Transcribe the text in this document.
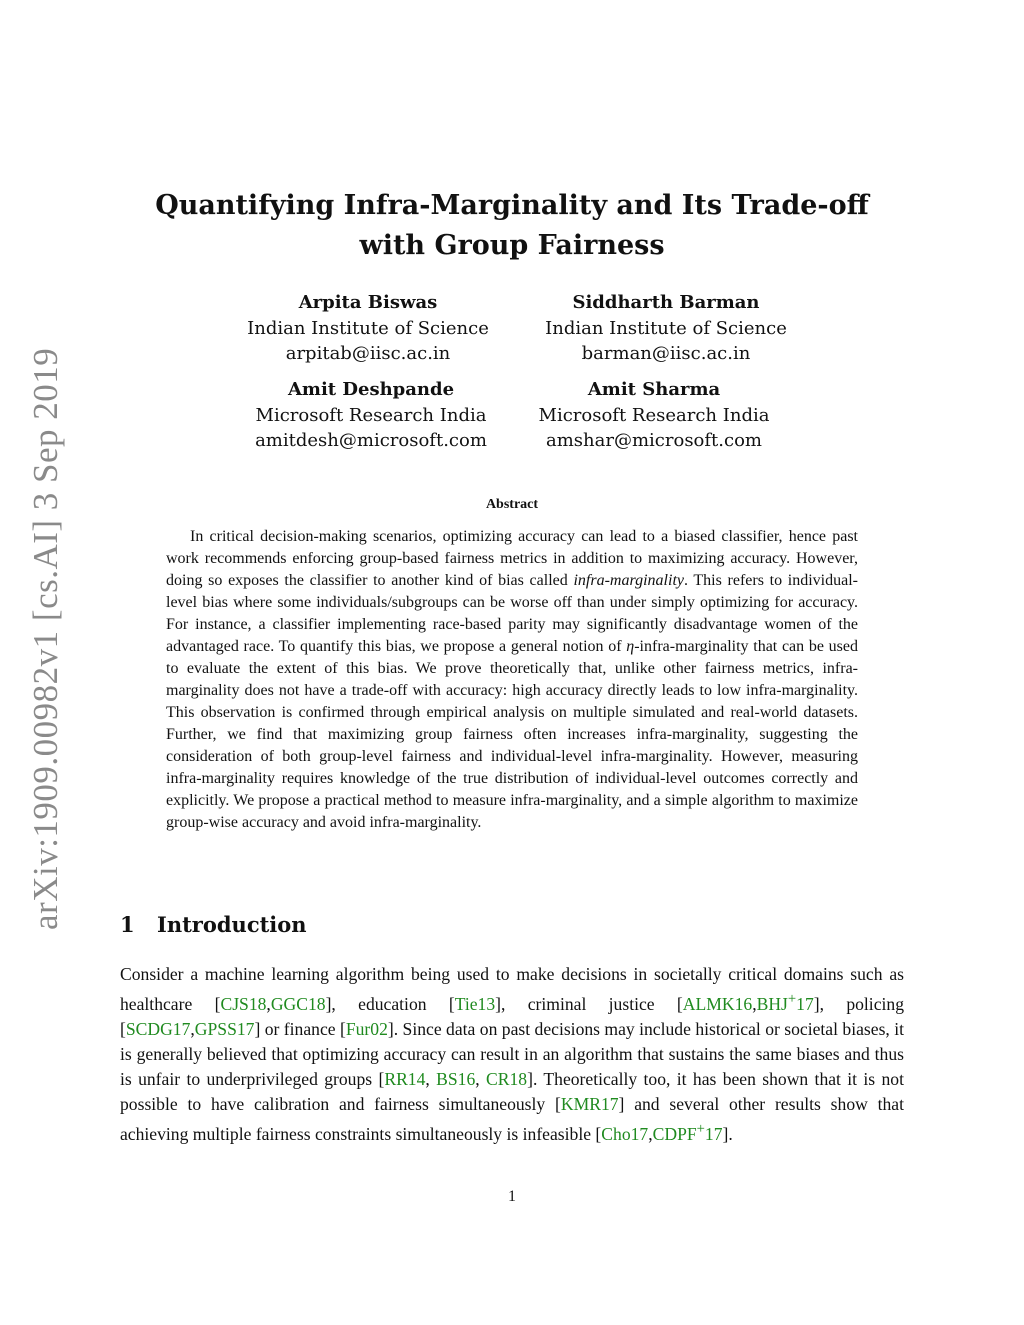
arXiv:1909.00982v1 [cs.AI] 3 Sep 2019
Quantifying Infra-Marginality and Its Trade-off with Group Fairness
Arpita Biswas
Indian Institute of Science
arpitab@iisc.ac.in
Siddharth Barman
Indian Institute of Science
barman@iisc.ac.in
Amit Deshpande
Microsoft Research India
amitdesh@microsoft.com
Amit Sharma
Microsoft Research India
amshar@microsoft.com
Abstract

In critical decision-making scenarios, optimizing accuracy can lead to a biased classifier, hence past work recommends enforcing group-based fairness metrics in addition to maximizing accuracy. However, doing so exposes the classifier to another kind of bias called infra-marginality. This refers to individual-level bias where some individuals/subgroups can be worse off than under simply optimizing for accuracy. For instance, a classifier implementing race-based parity may significantly disadvantage women of the advantaged race. To quantify this bias, we propose a general notion of η-infra-marginality that can be used to evaluate the extent of this bias. We prove theoretically that, unlike other fairness metrics, infra-marginality does not have a trade-off with accuracy: high accuracy directly leads to low infra-marginality. This observation is confirmed through empirical analysis on multiple simulated and real-world datasets. Further, we find that maximizing group fairness often increases infra-marginality, suggesting the consideration of both group-level fairness and individual-level infra-marginality. However, measuring infra-marginality requires knowledge of the true distribution of individual-level outcomes correctly and explicitly. We propose a practical method to measure infra-marginality, and a simple algorithm to maximize group-wise accuracy and avoid infra-marginality.

1 Introduction

Consider a machine learning algorithm being used to make decisions in societally critical domains such as healthcare [CJS18,GGC18], education [Tie13], criminal justice [ALMK16,BHJ+17], policing [SCDG17,GPSS17] or finance [Fur02]. Since data on past decisions may include historical or societal biases, it is generally believed that optimizing accuracy can result in an algorithm that sustains the same biases and thus is unfair to underprivileged groups [RR14, BS16, CR18]. Theoretically too, it has been shown that it is not possible to have calibration and fairness simultaneously [KMR17] and several other results show that achieving multiple fairness constraints simultaneously is infeasible [Cho17,CDPF+17].

1
